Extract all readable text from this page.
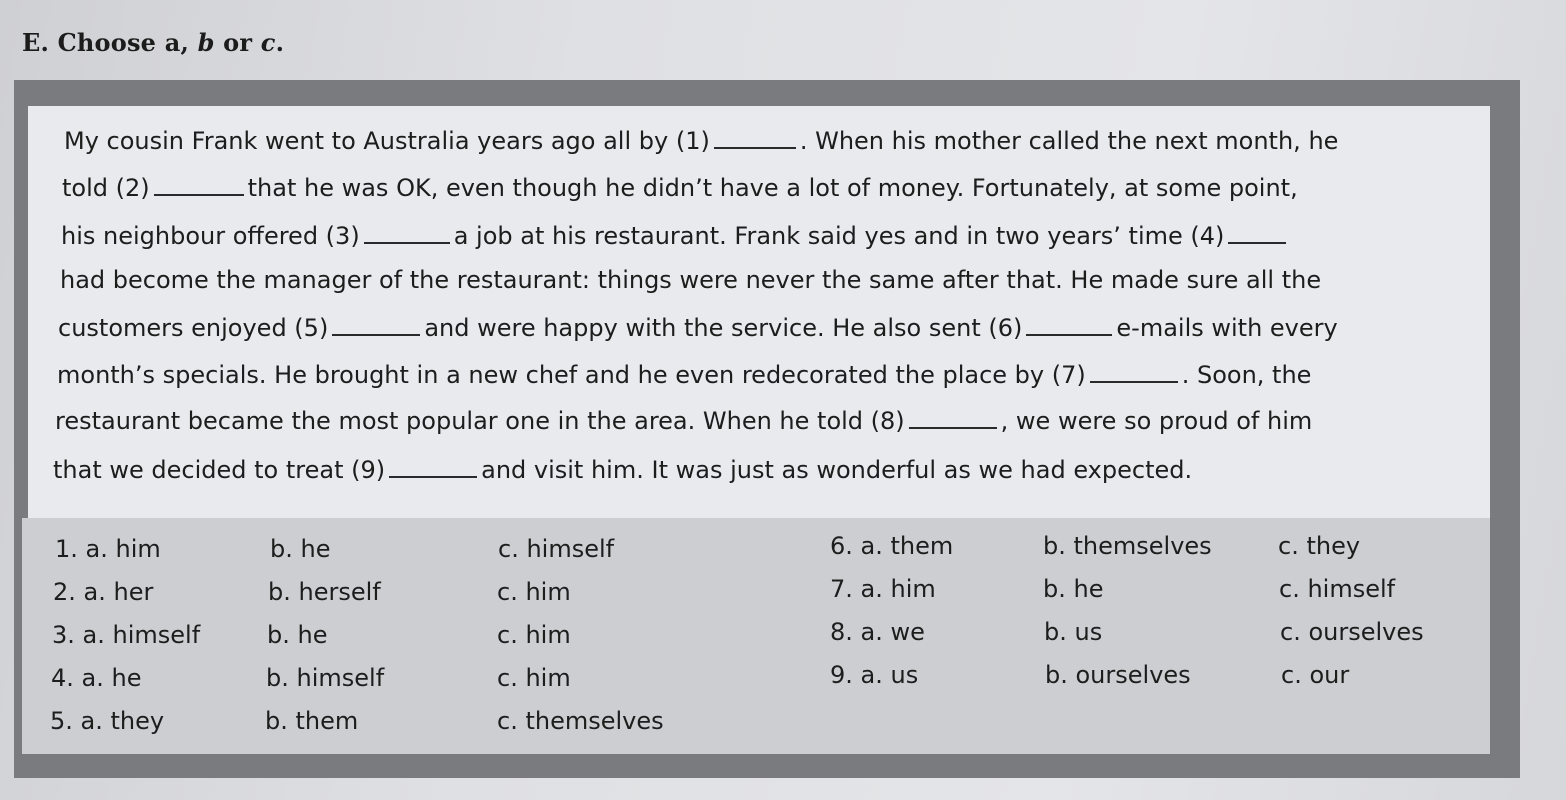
E. Choose a, b or c.
My cousin Frank went to Australia years ago all by (1)	. When his mother called the next month, he
told (2)	that he was OK, even though he didn’t have a lot of money. Fortunately, at some point,
his neighbour offered (3)	a job at his restaurant. Frank said yes and in two years’ time (4)
had become the manager of the restaurant: things were never the same after that. He made sure all the
customers enjoyed (5)	and were happy with the service. He also sent (6)	e-mails with every
month’s specials. He brought in a new chef and he even redecorated the place by (7)	. Soon, the
restaurant became the most popular one in the area. When he told (8)	, we were so proud of him
that we decided to treat (9)	and visit him. It was just as wonderful as we had expected.
1. a. him	b. he	c. himself
2. a. her	b. herself	c. him
3. a. himself	b. he	c. him
4. a. he	b. himself	c. him
5. a. they	b. them	c. themselves
6. a. them	b. themselves	c. they
7. a. him	b. he	c. himself
8. a. we	b. us	c. ourselves
9. a. us	b. ourselves	c. our
